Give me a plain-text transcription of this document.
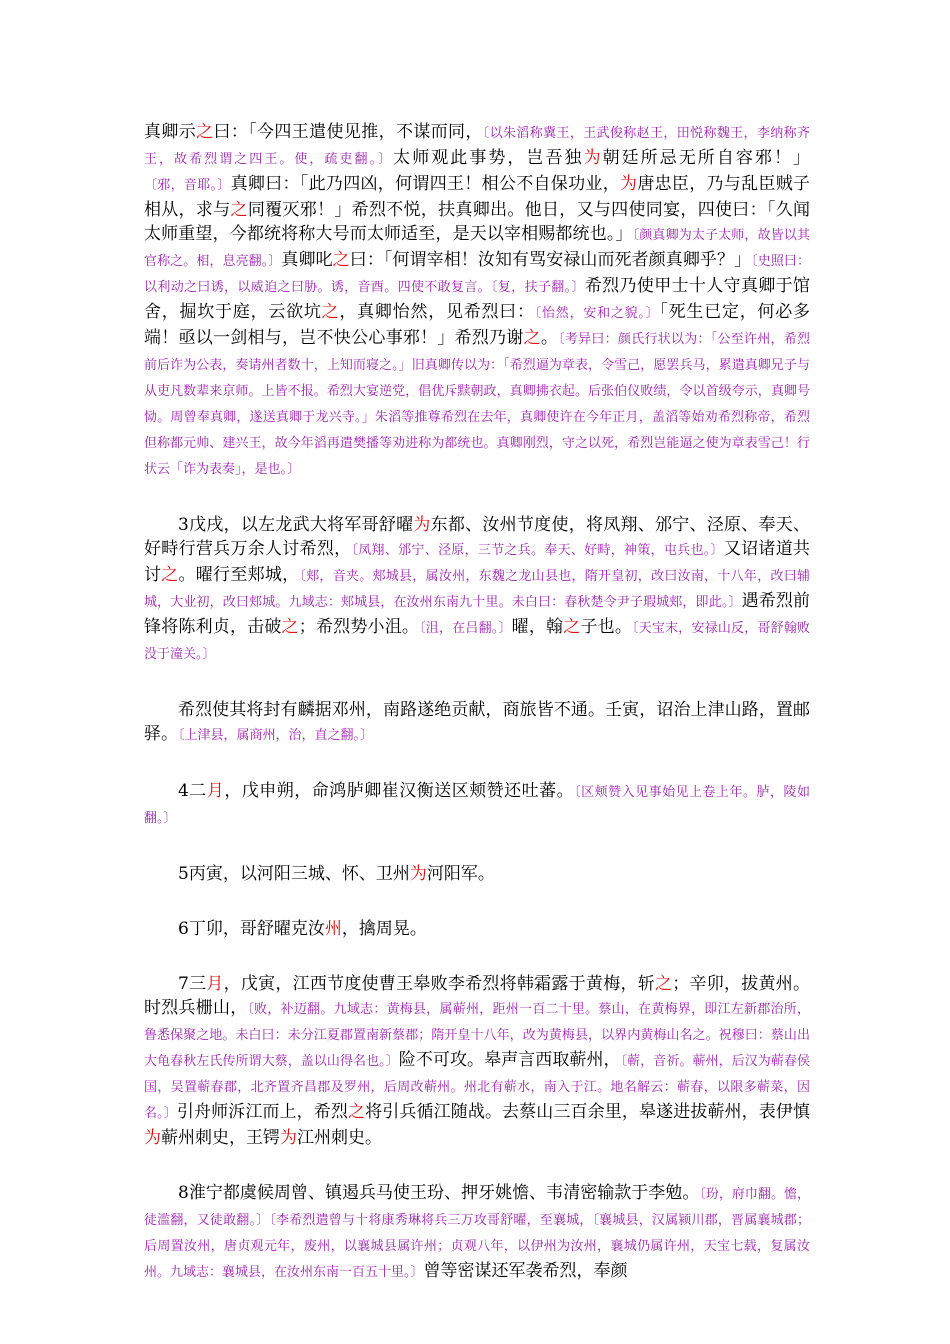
真卿示之曰：「今四王遣使见推，不谋而同，〔以朱滔称冀王，王武俊称赵王，田悦称魏王，李纳称齐王，故希烈谓之四王。使，疏吏翻。〕太师观此事势，岂吾独为朝廷所忌无所自容邪！」〔邪，音耶。〕真卿曰：「此乃四凶，何谓四王！相公不自保功业，为唐忠臣，乃与乱臣贼子相从，求与之同覆灭邪！」希烈不悦，扶真卿出。他日，又与四使同宴，四使曰：「久闻太师重望，今都统将称大号而太师适至，是天以宰相赐都统也。」〔颜真卿为太子太师，故皆以其官称之。相，息亮翻。〕真卿叱之曰：「何谓宰相！汝知有骂安禄山而死者颜真卿乎？」〔史照曰：以利动之曰诱，以威迫之曰胁。诱，音酉。四使不敢复言。〔复，扶子翻。〕希烈乃使甲士十人守真卿于馆舍，掘坎于庭，云欲坑之，真卿怡然，见希烈曰：〔怡然，安和之貌。〕「死生已定，何必多端！亟以一剑相与，岂不快公心事邪！」希烈乃谢之。〔考异曰：颜氏行状以为：「公至许州，希烈前后诈为公表，奏请州者数十，上知而寝之。」旧真卿传以为：「希烈逼为章表，令雪己，愿罢兵马，累遣真卿兄子与从吏凡数辈来京师。上皆不报。希烈大宴逆党，倡优斥黩朝政，真卿拂衣起。后张伯仪败绩，令以首级夸示，真卿号恸。周曾奉真卿，遂送真卿于龙兴寺。」朱滔等推尊希烈在去年，真卿使许在今年正月，盖滔等始劝希烈称帝，希烈但称都元帅、建兴王，故今年滔再遣樊播等劝进称为都统也。真卿刚烈，守之以死，希烈岂能逼之使为章表雪己！行状云「诈为表奏」，是也。〕

3戊戌，以左龙武大将军哥舒曜为东都、汝州节度使，将凤翔、邠宁、泾原、奉天、好畤行营兵万余人讨希烈，〔凤翔、邠宁、泾原，三节之兵。奉天、好畤，神策，屯兵也。〕又诏诸道共讨之。曜行至郏城，〔郏，音夹。郏城县，属汝州，东魏之龙山县也，隋开皇初，改曰汝南，十八年，改曰辅城，大业初，改曰郏城。九域志：郏城县，在汝州东南九十里。未白曰：春秋楚令尹子瑕城郏，即此。〕遇希烈前锋将陈利贞，击破之；希烈势小沮。〔沮，在吕翻。〕曜，翰之子也。〔天宝末，安禄山反，哥舒翰败没于潼关。〕

希烈使其将封有麟据邓州，南路遂绝贡献，商旅皆不通。壬寅，诏治上津山路，置邮驿。〔上津县，属商州，治，直之翻。〕

4二月，戊申朔，命鸿胪卿崔汉衡送区颊赞还吐蕃。〔区颊赞入见事始见上卷上年。胪，陵如翻。〕

5丙寅，以河阳三城、怀、卫州为河阳军。

6丁卯，哥舒曜克汝州，擒周晃。

7三月，戊寅，江西节度使曹王皋败李希烈将韩霜露于黄梅，斩之；辛卯，拔黄州。时烈兵栅山，〔败，补迈翻。九域志：黄梅县，属蕲州，距州一百二十里。蔡山，在黄梅界，即江左新郡治所，鲁悉保聚之地。未白曰：未分江夏郡置南新蔡郡；隋开皇十八年，改为黄梅县，以界内黄梅山名之。祝穆曰：蔡山出大龟春秋左氏传所谓大蔡，盖以山得名也。〕险不可攻。皋声言西取蕲州，〔蕲，音祈。蕲州，后汉为蕲春侯国，吴置蕲春郡，北齐置齐昌郡及罗州，后周改蕲州。州北有蕲水，南入于江。地名解云：蕲春，以限多蕲菜，因名。〕引舟师泝江而上，希烈之将引兵循江随战。去蔡山三百余里，皋遂进拔蕲州，表伊慎为蕲州刺史，王锷为江州刺史。

8淮宁都虞候周曾、镇遏兵马使王玢、押牙姚憺、韦清密输款于李勉。〔玢，府巾翻。憺，徒滥翻，又徒敢翻。〕〔李希烈遣曾与十将康秀琳将兵三万攻哥舒曜，至襄城，〔襄城县，汉属颍川郡，晋属襄城郡；后周置汝州，唐贞观元年，废州，以襄城县属许州；贞观八年，以伊州为汝州，襄城仍属许州，天宝七载，复属汝州。九域志：襄城县，在汝州东南一百五十里。〕曾等密谋还军袭希烈，奉颜
